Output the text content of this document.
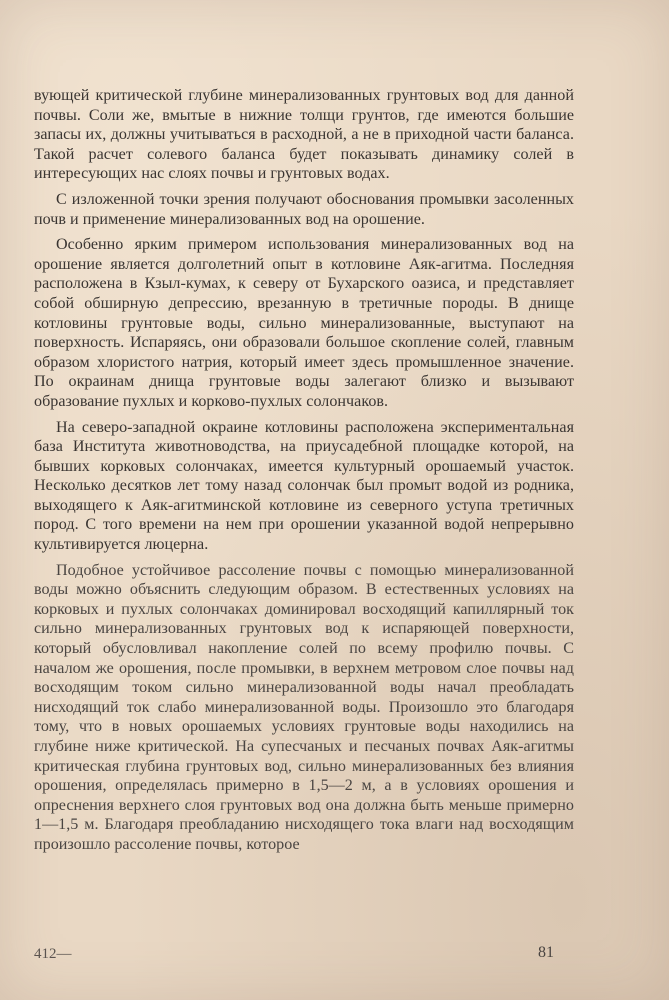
вующей критической глубине минерализованных грунтовых вод для данной почвы. Соли же, вмытые в нижние толщи грунтов, где имеются большие запасы их, должны учитываться в расходной, а не в приходной части баланса. Такой расчет солевого баланса будет показывать динамику солей в интересующих нас слоях почвы и грунтовых водах.

С изложенной точки зрения получают обоснования промывки засоленных почв и применение минерализованных вод на орошение.

Особенно ярким примером использования минерализованных вод на орошение является долголетний опыт в котловине Аяк-агитма. Последняя расположена в Кзыл-кумах, к северу от Бухарского оазиса, и представляет собой обширную депрессию, врезанную в третичные породы. В днище котловины грунтовые воды, сильно минерализованные, выступают на поверхность. Испаряясь, они образовали большое скопление солей, главным образом хлористого натрия, который имеет здесь промышленное значение. По окраинам днища грунтовые воды залегают близко и вызывают образование пухлых и корково-пухлых солончаков.

На северо-западной окраине котловины расположена экспериментальная база Института животноводства, на приусадебной площадке которой, на бывших корковых солончаках, имеется культурный орошаемый участок. Несколько десятков лет тому назад солончак был промыт водой из родника, выходящего к Аяк-агитминской котловине из северного уступа третичных пород. С того времени на нем при орошении указанной водой непрерывно культивируется люцерна.

Подобное устойчивое рассоление почвы с помощью минерализованной воды можно объяснить следующим образом. В естественных условиях на корковых и пухлых солончаках доминировал восходящий капиллярный ток сильно минерализованных грунтовых вод к испаряющей поверхности, который обусловливал накопление солей по всему профилю почвы. С началом же орошения, после промывки, в верхнем метровом слое почвы над восходящим током сильно минерализованной воды начал преобладать нисходящий ток слабо минерализованной воды. Произошло это благодаря тому, что в новых орошаемых условиях грунтовые воды находились на глубине ниже критической. На супесчаных и песчаных почвах Аяк-агитмы критическая глубина грунтовых вод, сильно минерализованных без влияния орошения, определялась примерно в 1,5—2 м, а в условиях орошения и опреснения верхнего слоя грунтовых вод она должна быть меньше примерно 1—1,5 м. Благодаря преобладанию нисходящего тока влаги над восходящим произошло рассоление почвы, которое

412—	81
